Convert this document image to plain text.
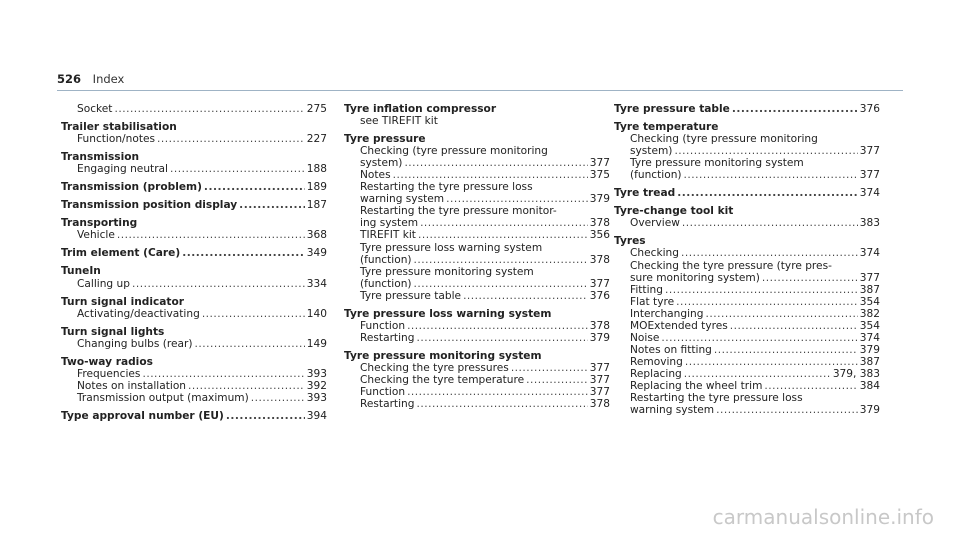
526 Index
Socket .....	275
Trailer stabilisation
Function/notes .....	227
Transmission
Engaging neutral .....	188
Transmission (problem) .....	189
Transmission position display .....	187
Transporting
Vehicle .....	368
Trim element (Care) .....	349
TuneIn
Calling up .....	334
Turn signal indicator
Activating/deactivating .....	140
Turn signal lights
Changing bulbs (rear) .....	149
Two-way radios
Frequencies .....	393
Notes on installation .....	392
Transmission output (maximum) .....	393
Type approval number (EU) .....	394
Tyre inflation compressor
see TIREFIT kit
Tyre pressure
Checking (tyre pressure monitoring
system) .....	377
Notes .....	375
Restarting the tyre pressure loss
warning system .....	379
Restarting the tyre pressure monitor-
ing system .....	378
TIREFIT kit .....	356
Tyre pressure loss warning system
(function) .....	378
Tyre pressure monitoring system
(function) .....	377
Tyre pressure table .....	376
Tyre pressure loss warning system
Function .....	378
Restarting .....	379
Tyre pressure monitoring system
Checking the tyre pressures .....	377
Checking the tyre temperature .....	377
Function .....	377
Restarting .....	378
Tyre pressure table .....	376
Tyre temperature
Checking (tyre pressure monitoring
system) .....	377
Tyre pressure monitoring system
(function) .....	377
Tyre tread .....	374
Tyre-change tool kit
Overview .....	383
Tyres
Checking .....	374
Checking the tyre pressure (tyre pres-
sure monitoring system) .....	377
Fitting .....	387
Flat tyre .....	354
Interchanging .....	382
MOExtended tyres .....	354
Noise .....	374
Notes on fitting .....	379
Removing .....	387
Replacing .....	379, 383
Replacing the wheel trim .....	384
Restarting the tyre pressure loss
warning system .....	379
carmanualsonline.info
